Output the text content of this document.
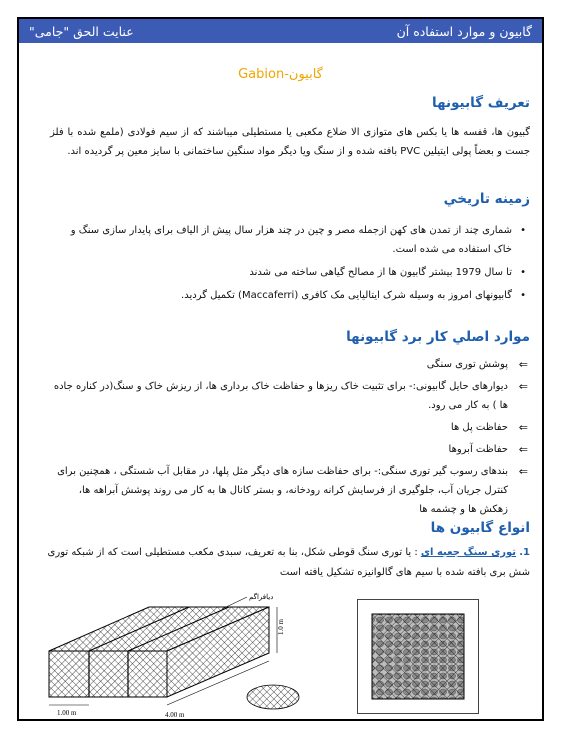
گابیون و موارد استفاده آن
عنایت الحق "جامی"
گابیون-Gabion
تعریف گابیونها
گبیون ها، قفسه ها یا بکس های متوازی الا ضلاع مکعبی یا مستطیلی میباشند که از سیم فولادی (ملمع شده با فلز جست و بعضاً پولی ایتیلین PVC بافته شده و از سنگ ویا دیگر مواد سنگین ساختمانی با سایز معین پر گردیده اند.
زمینه تاریخي
•
شماری چند از تمدن های کهن ازجمله مصر و چین در چند هزار سال پیش از الیاف برای پایدار سازی سنگ و خاک استفاده می شده است.
•
تا سال 1979 بیشتر گابیون ها از مصالح گیاهی ساخته می شدند
•
گابیونهای امروز به وسیله شرک ایتالیایی مک کافری (Maccaferri) تکمیل گردید.
موارد اصلي کار برد گابیونها
⇐
پوشش توری سنگی
⇐
دیوارهای حایل گابیونی:- برای تثبیت خاک ریزها و حفاظت خاک برداری ها، از ریزش خاک و سنگ(در کناره جاده ها ) به کار می رود.
⇐
حفاظت پل ها
⇐
حفاظت آبروها
⇐
بندهای رسوب گیر توری سنگی:- برای حفاظت سازه های دیگر مثل پلها، در مقابل آب شستگی ، همچنین برای کنترل جریان آب، جلوگیری از فرسایش کرانه رودخانه، و بستر کانال ها به کار می روند پوشش آبراهه ها، زهکش ها و چشمه ها
انواع گابیون ها
1. توری سنگ جعبه ای : یا توری سنگ قوطی شکل، بنا به تعریف، سبدی مکعب مستطیلی است که از شبکه توری شش بری بافته شده با سیم های گالوانیزه تشکیل یافته است
دیافراگم
1.0 m
1.00 m	4.00 m
